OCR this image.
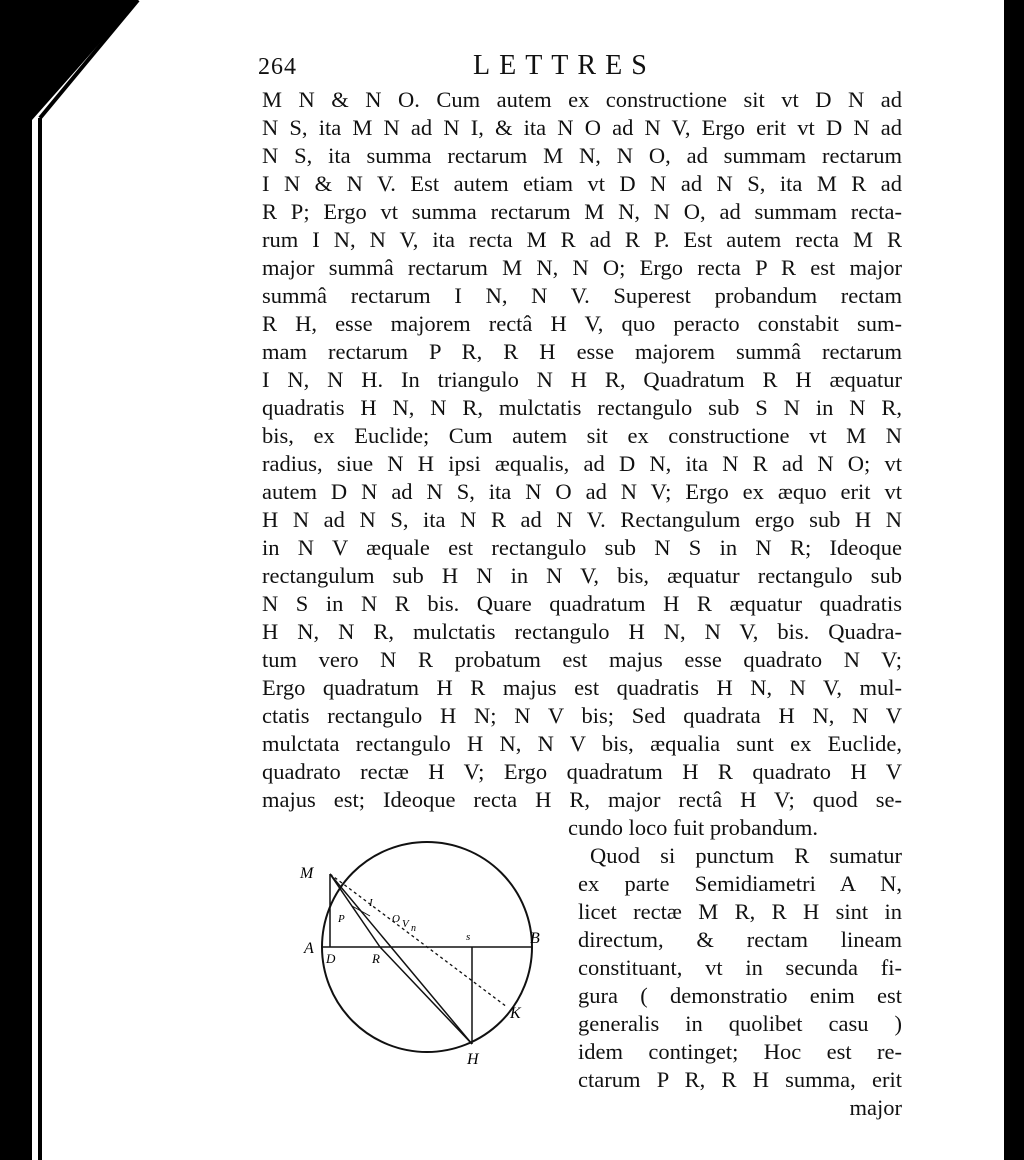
264	LETTRES
M N & N O. Cum autem ex constructione sit vt D N ad
N S, ita M N ad N I, & ita N O ad N V, Ergo erit vt D N ad
N S, ita summa rectarum M N, N O, ad summam rectarum
I N & N V. Est autem etiam vt D N ad N S, ita M R ad
R P; Ergo vt summa rectarum M N, N O, ad summam recta-
rum I N, N V, ita recta M R ad R P. Est autem recta M R
major summâ rectarum M N, N O; Ergo recta P R est major
summâ rectarum I N, N V. Superest probandum rectam
R H, esse majorem rectâ H V, quo peracto constabit sum-
mam rectarum P R, R H esse majorem summâ rectarum
I N, N H. In triangulo N H R, Quadratum R H æquatur
quadratis H N, N R, mulctatis rectangulo sub S N in N R,
bis, ex Euclide; Cum autem sit ex constructione vt M N
radius, siue N H ipsi æqualis, ad D N, ita N R ad N O; vt
autem D N ad N S, ita N O ad N V; Ergo ex æquo erit vt
H N ad N S, ita N R ad N V. Rectangulum ergo sub H N
in N V æquale est rectangulo sub N S in N R; Ideoque
rectangulum sub H N in N V, bis, æquatur rectangulo sub
N S in N R bis. Quare quadratum H R æquatur quadratis
H N, N R, mulctatis rectangulo H N, N V, bis. Quadra-
tum vero N R probatum est majus esse quadrato N V;
Ergo quadratum H R majus est quadratis H N, N V, mul-
ctatis rectangulo H N; N V bis; Sed quadrata H N, N V
mulctata rectangulo H N, N V bis, æqualia sunt ex Euclide,
quadrato rectæ H V; Ergo quadratum H R quadrato H V
majus est; Ideoque recta H R, major rectâ H V; quod se-
cundo loco fuit probandum.
Quod si punctum R sumatur
ex parte Semidiametri A N,
licet rectæ M R, R H sint in
directum, & rectam lineam
constituant, vt in secunda fi-
gura ( demonstratio enim est
generalis in quolibet casu )
idem continget; Hoc est re-
ctarum P R, R H summa, erit
major
M
A
B
K
H
D	R
P
I
O V n
s
